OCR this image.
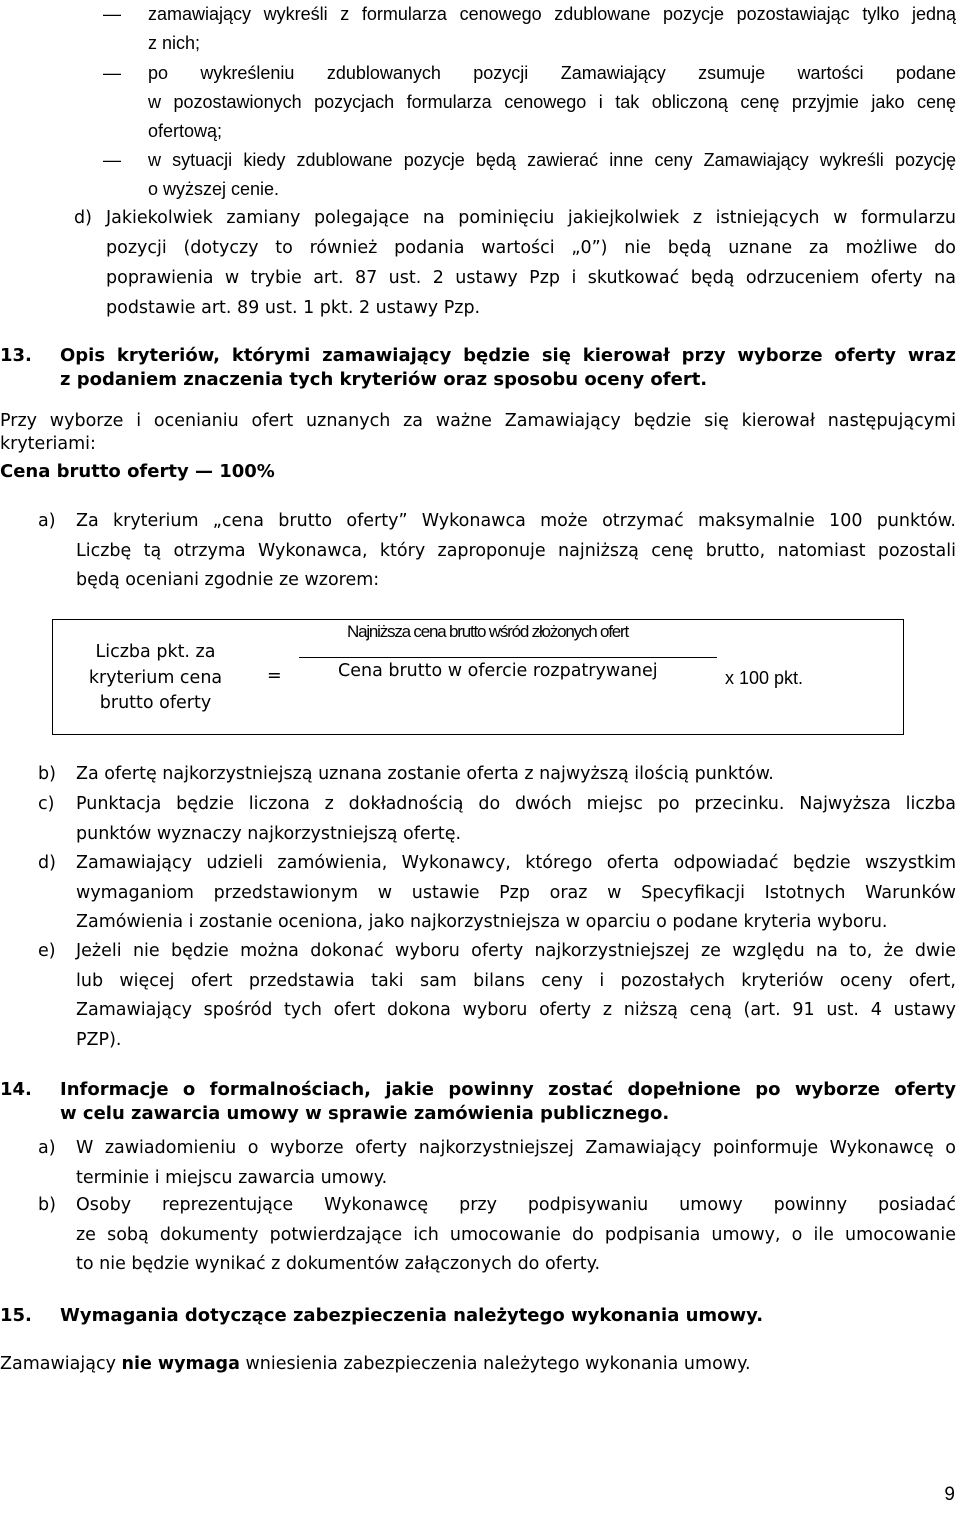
—	zamawiający wykreśli z formularza cenowego zdublowane pozycje pozostawiając tylko jedną
z nich;
—	po wykreśleniu zdublowanych pozycji Zamawiający zsumuje wartości podane
w pozostawionych pozycjach formularza cenowego i tak obliczoną cenę przyjmie jako cenę
ofertową;
—	w sytuacji kiedy zdublowane pozycje będą zawierać inne ceny Zamawiający wykreśli pozycję
o wyższej cenie.
d) Jakiekolwiek zamiany polegające na pominięciu jakiejkolwiek z istniejących w formularzu
pozycji (dotyczy to również podania wartości „0”) nie będą uznane za możliwe do
poprawienia w trybie art. 87 ust. 2 ustawy Pzp i skutkować będą odrzuceniem oferty na
podstawie art. 89 ust. 1 pkt. 2 ustawy Pzp.
13. Opis kryteriów, którymi zamawiający będzie się kierował przy wyborze oferty wraz
z podaniem znaczenia tych kryteriów oraz sposobu oceny ofert.
Przy wyborze i ocenianiu ofert uznanych za ważne Zamawiający będzie się kierował następującymi
kryteriami:
Cena brutto oferty — 100%
a) Za kryterium „cena brutto oferty” Wykonawca może otrzymać maksymalnie 100 punktów.
Liczbę tą otrzyma Wykonawca, który zaproponuje najniższą cenę brutto, natomiast pozostali
będą oceniani zgodnie ze wzorem:
Liczba pkt. za
kryterium cena
brutto oferty
=
Najniższa cena brutto wśród złożonych ofert
Cena brutto w ofercie rozpatrywanej	x 100 pkt.
b) Za ofertę najkorzystniejszą uznana zostanie oferta z najwyższą ilością punktów.
c) Punktacja będzie liczona z dokładnością do dwóch miejsc po przecinku. Najwyższa liczba
punktów wyznaczy najkorzystniejszą ofertę.
d) Zamawiający udzieli zamówienia, Wykonawcy, którego oferta odpowiadać będzie wszystkim
wymaganiom przedstawionym w ustawie Pzp oraz w Specyfikacji Istotnych Warunków
Zamówienia i zostanie oceniona, jako najkorzystniejsza w oparciu o podane kryteria wyboru.
e) Jeżeli nie będzie można dokonać wyboru oferty najkorzystniejszej ze względu na to, że dwie
lub więcej ofert przedstawia taki sam bilans ceny i pozostałych kryteriów oceny ofert,
Zamawiający spośród tych ofert dokona wyboru oferty z niższą ceną (art. 91 ust. 4 ustawy
PZP).
14. Informacje o formalnościach, jakie powinny zostać dopełnione po wyborze oferty
w celu zawarcia umowy w sprawie zamówienia publicznego.
a) W zawiadomieniu o wyborze oferty najkorzystniejszej Zamawiający poinformuje Wykonawcę o
terminie i miejscu zawarcia umowy.
b) Osoby reprezentujące Wykonawcę przy podpisywaniu umowy powinny posiadać
ze sobą dokumenty potwierdzające ich umocowanie do podpisania umowy, o ile umocowanie
to nie będzie wynikać z dokumentów załączonych do oferty.
15. Wymagania dotyczące zabezpieczenia należytego wykonania umowy.
Zamawiający nie wymaga wniesienia zabezpieczenia należytego wykonania umowy.
9
